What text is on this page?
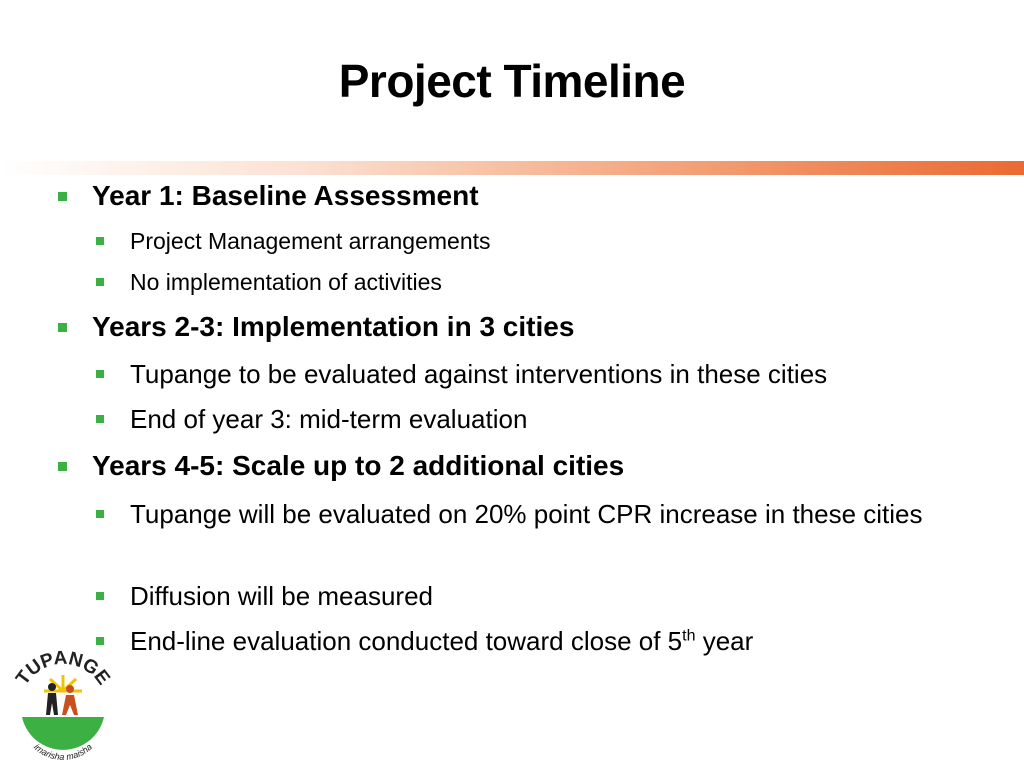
Project Timeline
Year 1: Baseline Assessment
Project Management arrangements
No implementation of activities
Years 2-3: Implementation in 3 cities
Tupange to be evaluated against interventions in these cities
End of year 3: mid-term evaluation
Years 4-5: Scale up to 2 additional cities
Tupange will be evaluated on 20% point CPR increase in these cities
Diffusion will be measured
End-line evaluation conducted toward close of 5th year
TUPANGE
imarisha maisha
